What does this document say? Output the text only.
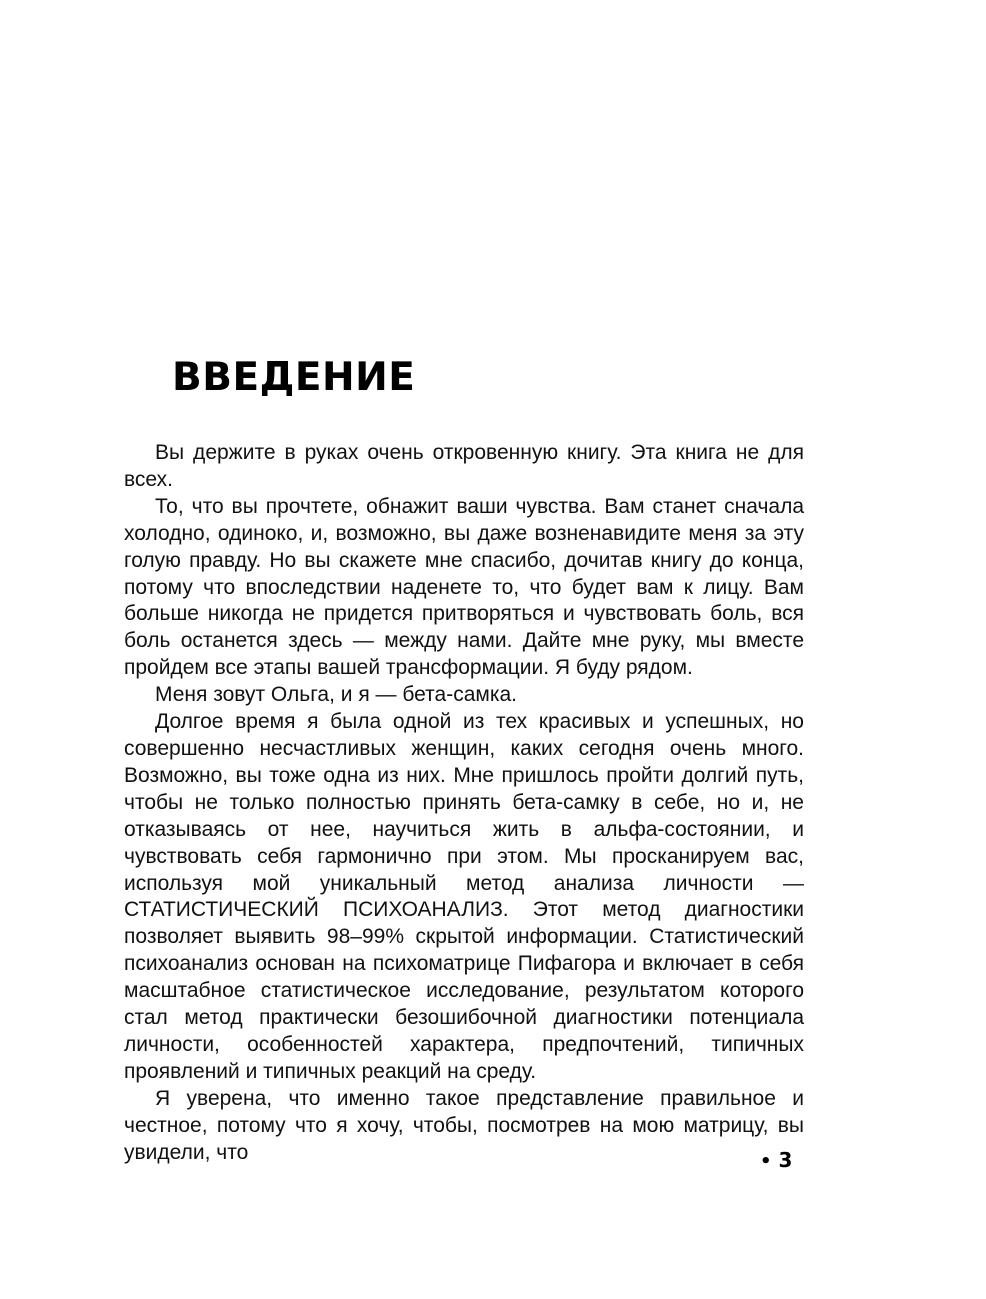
ВВЕДЕНИЕ

Вы держите в руках очень откровенную книгу. Эта книга не для всех.

То, что вы прочтете, обнажит ваши чувства. Вам станет сначала холодно, одиноко, и, возможно, вы даже возненавидите меня за эту голую правду. Но вы скажете мне спасибо, дочитав книгу до конца, потому что впоследствии наденете то, что будет вам к лицу. Вам больше никогда не придется притворяться и чувствовать боль, вся боль останется здесь — между нами. Дайте мне руку, мы вместе пройдем все этапы вашей трансформации. Я буду рядом.

Меня зовут Ольга, и я — бета-самка.

Долгое время я была одной из тех красивых и успешных, но совершенно несчастливых женщин, каких сегодня очень много. Возможно, вы тоже одна из них. Мне пришлось пройти долгий путь, чтобы не только полностью принять бета-самку в себе, но и, не отказываясь от нее, научиться жить в альфа-состоянии, и чувствовать себя гармонично при этом. Мы просканируем вас, используя мой уникальный метод анализа личности — СТАТИСТИЧЕСКИЙ ПСИХОАНАЛИЗ. Этот метод диагностики позволяет выявить 98–99% скрытой информации. Статистический психоанализ основан на психоматрице Пифагора и включает в себя масштабное статистическое исследование, результатом которого стал метод практически безошибочной диагностики потенциала личности, особенностей характера, предпочтений, типичных проявлений и типичных реакций на среду.

Я уверена, что именно такое представление правильное и честное, потому что я хочу, чтобы, посмотрев на мою матрицу, вы увидели, что	• 3
